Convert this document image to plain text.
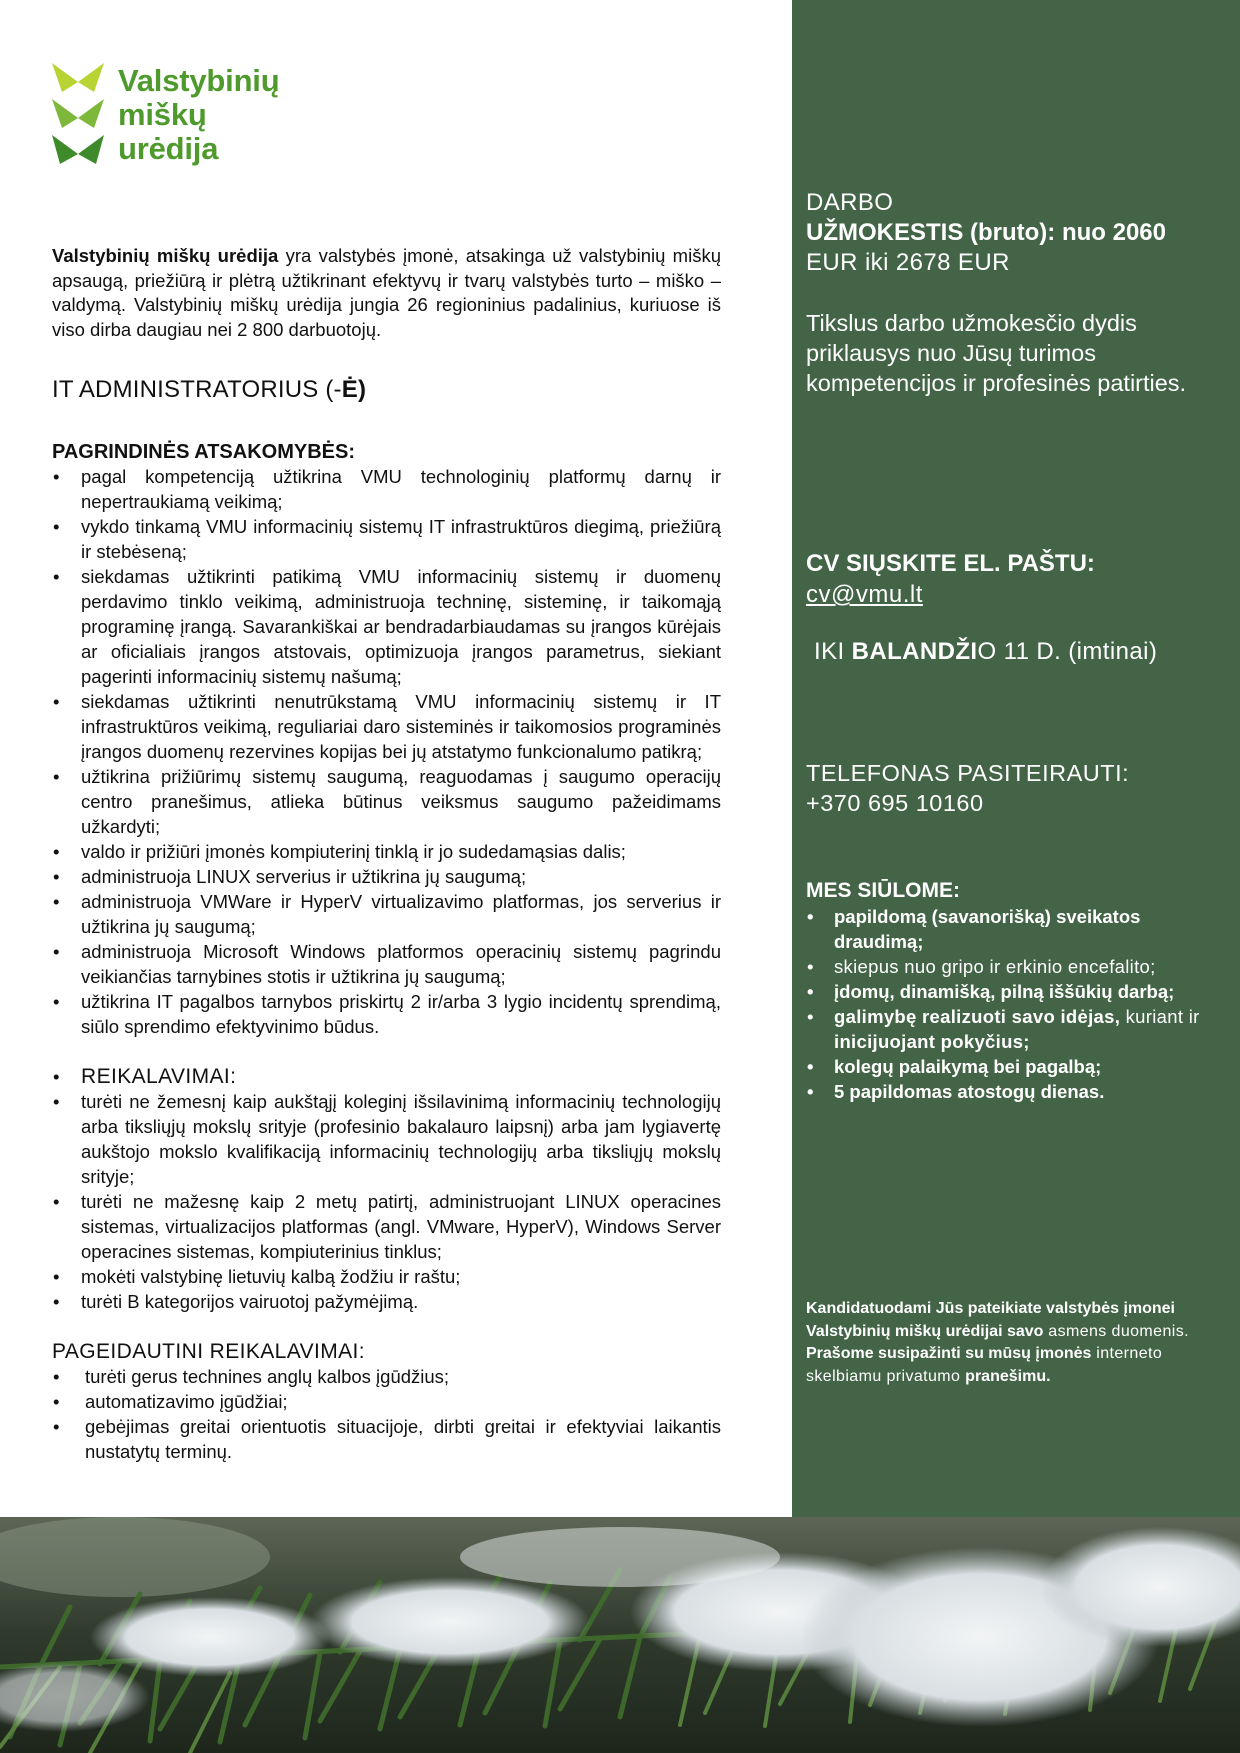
Valstybinių
miškų
urėdija

Valstybinių miškų urėdija yra valstybės įmonė, atsakinga už valstybinių miškų apsaugą, priežiūrą ir plėtrą užtikrinant efektyvų ir tvarų valstybės turto – miško – valdymą. Valstybinių miškų urėdija jungia 26 regioninius padalinius, kuriuose iš viso dirba daugiau nei 2 800 darbuotojų.

IT ADMINISTRATORIUS (-Ė)
PAGRINDINĖS ATSAKOMYBĖS:
• pagal kompetenciją užtikrina VMU technologinių platformų darnų ir nepertraukiamą veikimą;
• vykdo tinkamą VMU informacinių sistemų IT infrastruktūros diegimą, priežiūrą ir stebėseną;
• siekdamas užtikrinti patikimą VMU informacinių sistemų ir duomenų perdavimo tinklo veikimą, administruoja techninę, sisteminę, ir taikomąją programinę įrangą. Savarankiškai ar bendradarbiaudamas su įrangos kūrėjais ar oficialiais įrangos atstovais, optimizuoja įrangos parametrus, siekiant pagerinti informacinių sistemų našumą;
• siekdamas užtikrinti nenutrūkstamą VMU informacinių sistemų ir IT infrastruktūros veikimą, reguliariai daro sisteminės ir taikomosios programinės įrangos duomenų rezervines kopijas bei jų atstatymo funkcionalumo patikrą;
• užtikrina prižiūrimų sistemų saugumą, reaguodamas į saugumo operacijų centro pranešimus, atlieka būtinus veiksmus saugumo pažeidimams užkardyti;
• valdo ir prižiūri įmonės kompiuterinį tinklą ir jo sudedamąsias dalis;
• administruoja LINUX serverius ir užtikrina jų saugumą;
• administruoja VMWare ir HyperV virtualizavimo platformas, jos serverius ir užtikrina jų saugumą;
• administruoja Microsoft Windows platformos operacinių sistemų pagrindu veikiančias tarnybines stotis ir užtikrina jų saugumą;
• užtikrina IT pagalbos tarnybos priskirtų 2 ir/arba 3 lygio incidentų sprendimą, siūlo sprendimo efektyvinimo būdus.
• REIKALAVIMAI:
• turėti ne žemesnį kaip aukštąjį koleginį išsilavinimą informacinių technologijų arba tiksliųjų mokslų srityje (profesinio bakalauro laipsnį) arba jam lygiavertę aukštojo mokslo kvalifikaciją informacinių technologijų arba tiksliųjų mokslų srityje;
• turėti ne mažesnę kaip 2 metų patirtį, administruojant LINUX operacines sistemas, virtualizacijos platformas (angl. VMware, HyperV), Windows Server operacines sistemas, kompiuterinius tinklus;
• mokėti valstybinę lietuvių kalbą žodžiu ir raštu;
• turėti B kategorijos vairuotoj pažymėjimą.
PAGEIDAUTINI REIKALAVIMAI:
• turėti gerus technines anglų kalbos įgūdžius;
• automatizavimo įgūdžiai;
• gebėjimas greitai orientuotis situacijoje, dirbti greitai ir efektyviai laikantis nustatytų terminų.
DARBO
UŽMOKESTIS (bruto): nuo 2060
EUR iki 2678 EUR
Tikslus darbo užmokesčio dydis priklausys nuo Jūsų turimos kompetencijos ir profesinės patirties.
CV SIŲSKITE EL. PAŠTU:
cv@vmu.lt
IKI BALANDŽIO 11 D. (imtinai)
TELEFONAS PASITEIRAUTI:
+370 695 10160
MES SIŪLOME:
• papildomą (savanorišką) sveikatos draudimą;
• skiepus nuo gripo ir erkinio encefalito;
• įdomų, dinamišką, pilną iššūkių darbą;
• galimybę realizuoti savo idėjas, kuriant ir inicijuojant pokyčius;
• kolegų palaikymą bei pagalbą;
• 5 papildomas atostogų dienas.
Kandidatuodami Jūs pateikiate valstybės įmonei Valstybinių miškų urėdijai savo asmens duomenis.
Prašome susipažinti su mūsų įmonės interneto skelbiamu privatumo pranešimu.
